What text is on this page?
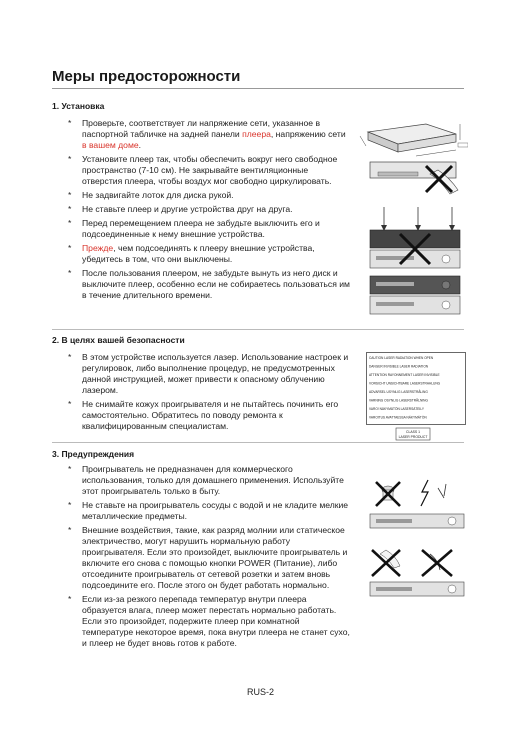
Меры предосторожности
1. Установка
* Проверьте, соответствует ли напряжение сети, указанное в паспортной табличке на задней панели плеера, напряжению сети в вашем доме.
* Установите плеер так, чтобы обеспечить вокруг него свободное пространство (7-10 см). Не закрывайте вентиляционные отверстия плеера, чтобы воздух мог свободно циркулировать.
* Не задвигайте лоток для диска рукой.
* Не ставьте плеер и другие устройства друг на друга.
* Перед перемещением плеера не забудьте выключить его и подсоединенные к нему внешние устройства.
* Прежде, чем подсоединять к плееру внешние устройства, убедитесь в том, что они выключены.
* После пользования плеером, не забудьте вынуть из него диск и выключите плеер, особенно если не собираетесь пользоваться им в течение длительного времени.
2. В целях вашей безопасности
* В этом устройстве используется лазер. Использование настроек и регулировок, либо выполнение процедур, не предусмотренных данной инструкцией, может привести к опасному облучению лазером.
* Не снимайте кожух проигрывателя и не пытайтесь починить его самостоятельно. Обратитесь по поводу ремонта к квалифицированным специалистам.
3. Предупреждения
* Проигрыватель не предназначен для коммерческого использования, только для домашнего применения. Используйте этот проигрыватель только в быту.
* Не ставьте на проигрыватель сосуды с водой и не кладите мелкие металлические предметы.
* Внешние воздействия, такие, как разряд молнии или статическое электричество, могут нарушить нормальную работу проигрывателя. Если это произойдет, выключите проигрыватель и включите его снова с помощью кнопки POWER (Питание), либо отсоедините проигрыватель от сетевой розетки и затем вновь подсоедините его. После этого он будет работать нормально.
* Если из-за резкого перепада температур внутри плеера образуется влага, плеер может перестать нормально работать. Если это произойдет, подержите плеер при комнатной температуре некоторое время, пока внутри плеера не станет сухо, и плеер не будет вновь готов к работе.
CAUTION LASER RADIATION WHEN OPEN
DANGER INVISIBLE LASER RADIATION
ATTENTION RAYONNEMENT LASER INVISIBLE
VORSICHT UNSICHTBARE LASERSTRAHLUNG
ADVARSEL USYNLIG LASERSTRÅLING
VARNING OSYNLIG LASERSTRÅLNING
VARO! NÄKYMÄTÖN LASERSÄTEILY
VAROITUS AVATTAESSA NÄKYMÄTÖN
CLASS 1
LASER PRODUCT
RUS-2
